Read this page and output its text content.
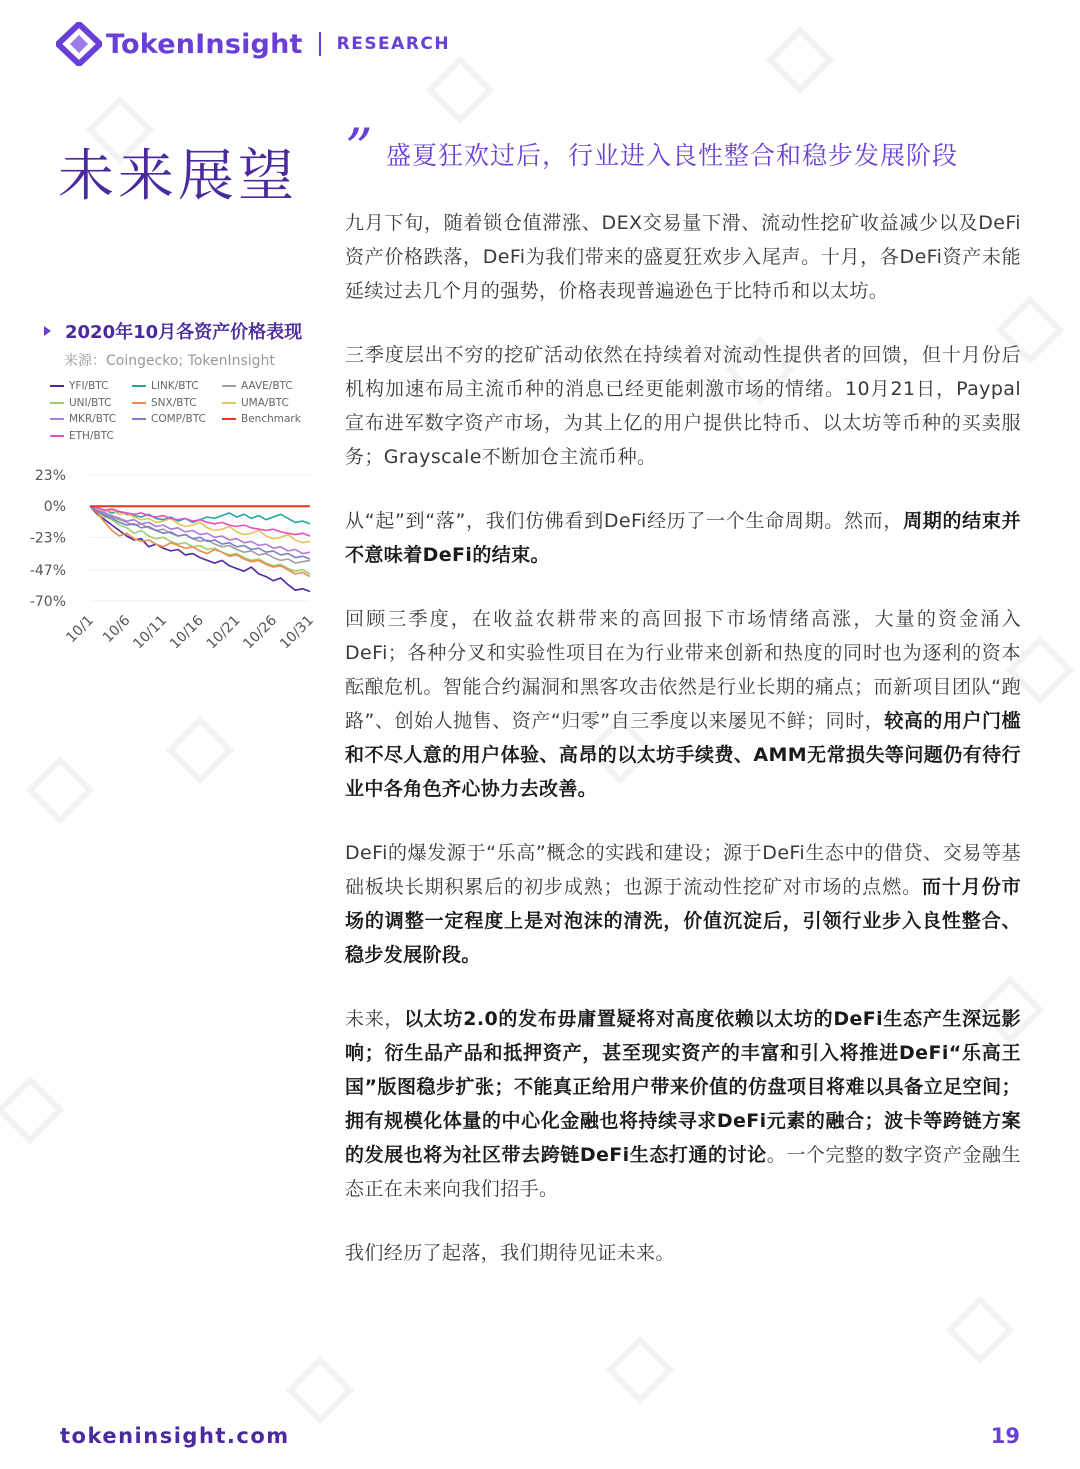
TokenInsight RESEARCH
未来展望 ” 盛夏狂欢过后，行业进入良性整合和稳步发展阶段
2020年10月各资产价格表现
来源：Coingecko; TokenInsight
YFI/BTC
UNI/BTC
MKR/BTC
ETH/BTC
LINK/BTC
SNX/BTC
COMP/BTC
AAVE/BTC
UMA/BTC
Benchmark
23%
0%
-23%
-47%
-70%
10/1 10/6
10/11
10/16
10/21
10/26
10/31

九月下旬，随着锁仓值滞涨、DEX交易量下滑、流动性挖矿收益减少以及DeFi资产价格跌落，DeFi为我们带来的盛夏狂欢步入尾声。十月，各DeFi资产未能延续过去几个月的强势，价格表现普遍逊色于比特币和以太坊。

三季度层出不穷的挖矿活动依然在持续着对流动性提供者的回馈，但十月份后机构加速布局主流币种的消息已经更能刺激市场的情绪。10月21日，Paypal宣布进军数字资产市场，为其上亿的用户提供比特币、以太坊等币种的买卖服务；Grayscale不断加仓主流币种。

从“起”到“落”，我们仿佛看到DeFi经历了一个生命周期。然而，周期的结束并不意味着DeFi的结束。

回顾三季度，在收益农耕带来的高回报下市场情绪高涨，大量的资金涌入DeFi；各种分叉和实验性项目在为行业带来创新和热度的同时也为逐利的资本酝酿危机。智能合约漏洞和黑客攻击依然是行业长期的痛点；而新项目团队“跑路”、创始人抛售、资产“归零”自三季度以来屡见不鲜；同时，较高的用户门槛和不尽人意的用户体验、高昂的以太坊手续费、AMM无常损失等问题仍有待行业中各角色齐心协力去改善。

DeFi的爆发源于“乐高”概念的实践和建设；源于DeFi生态中的借贷、交易等基础板块长期积累后的初步成熟；也源于流动性挖矿对市场的点燃。而十月份市场的调整一定程度上是对泡沫的清洗，价值沉淀后，引领行业步入良性整合、稳步发展阶段。

未来，以太坊2.0的发布毋庸置疑将对高度依赖以太坊的DeFi生态产生深远影响；衍生品产品和抵押资产，甚至现实资产的丰富和引入将推进DeFi“乐高王国”版图稳步扩张；不能真正给用户带来价值的仿盘项目将难以具备立足空间；拥有规模化体量的中心化金融也将持续寻求DeFi元素的融合；波卡等跨链方案的发展也将为社区带去跨链DeFi生态打通的讨论。一个完整的数字资产金融生态正在未来向我们招手。

我们经历了起落，我们期待见证未来。

tokeninsight.com	19
